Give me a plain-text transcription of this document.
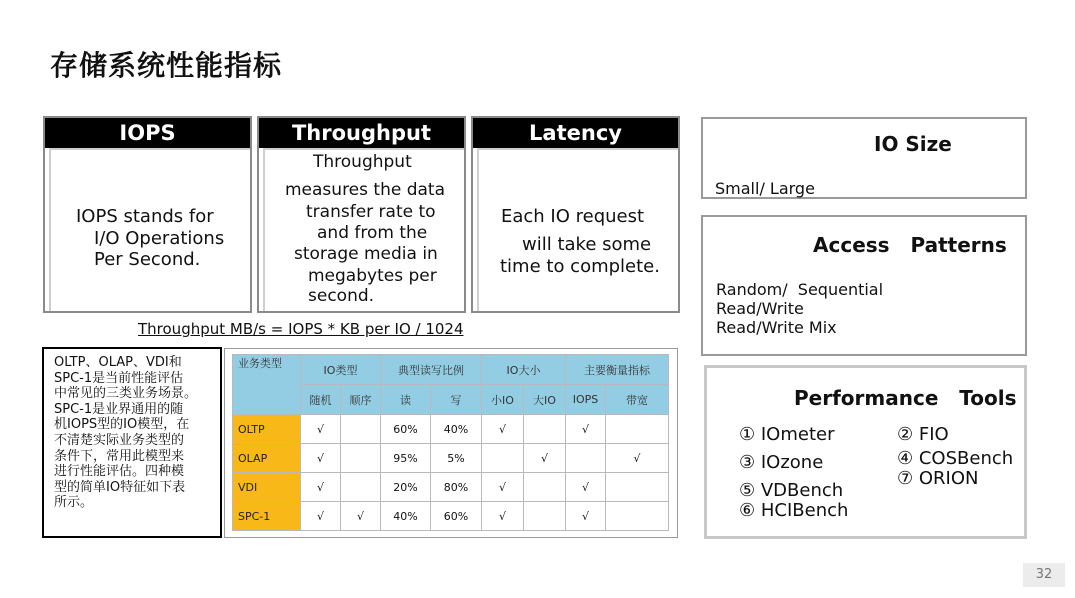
存储系统性能指标
IOPS
IOPS stands for
I/O Operations
Per Second.
Throughput
Throughput
measures the data
transfer rate to
and from the
storage media in
megabytes per
second.
Latency
Each IO request
will take some
time to complete.
Throughput MB/s = IOPS * KB per IO / 1024
OLTP、OLAP、VDI和
SPC-1是当前性能评估
中常见的三类业务场景。
SPC-1是业界通用的随
机IOPS型的IO模型，在
不清楚实际业务类型的
条件下，常用此模型来
进行性能评估。四种模
型的简单IO特征如下表
所示。
业务类型	IO类型		典型读写比例		IO大小		主要衡量指标	
	随机	顺序	读	写	小IO	大IO	IOPS	带宽
OLTP	√		60%	40%	√		√	
OLAP	√		95%	5%		√		√
VDI	√		20%	80%	√		√	
SPC-1	√	√	40%	60%	√		√	
IO Size
Small/ Large
Access   Patterns
Random/  Sequential
Read/Write
Read/Write Mix
Performance   Tools
① IOmeter
③ IOzone
⑤ VDBench
⑥ HCIBench
② FIO
④ COSBench
⑦ ORION
32
